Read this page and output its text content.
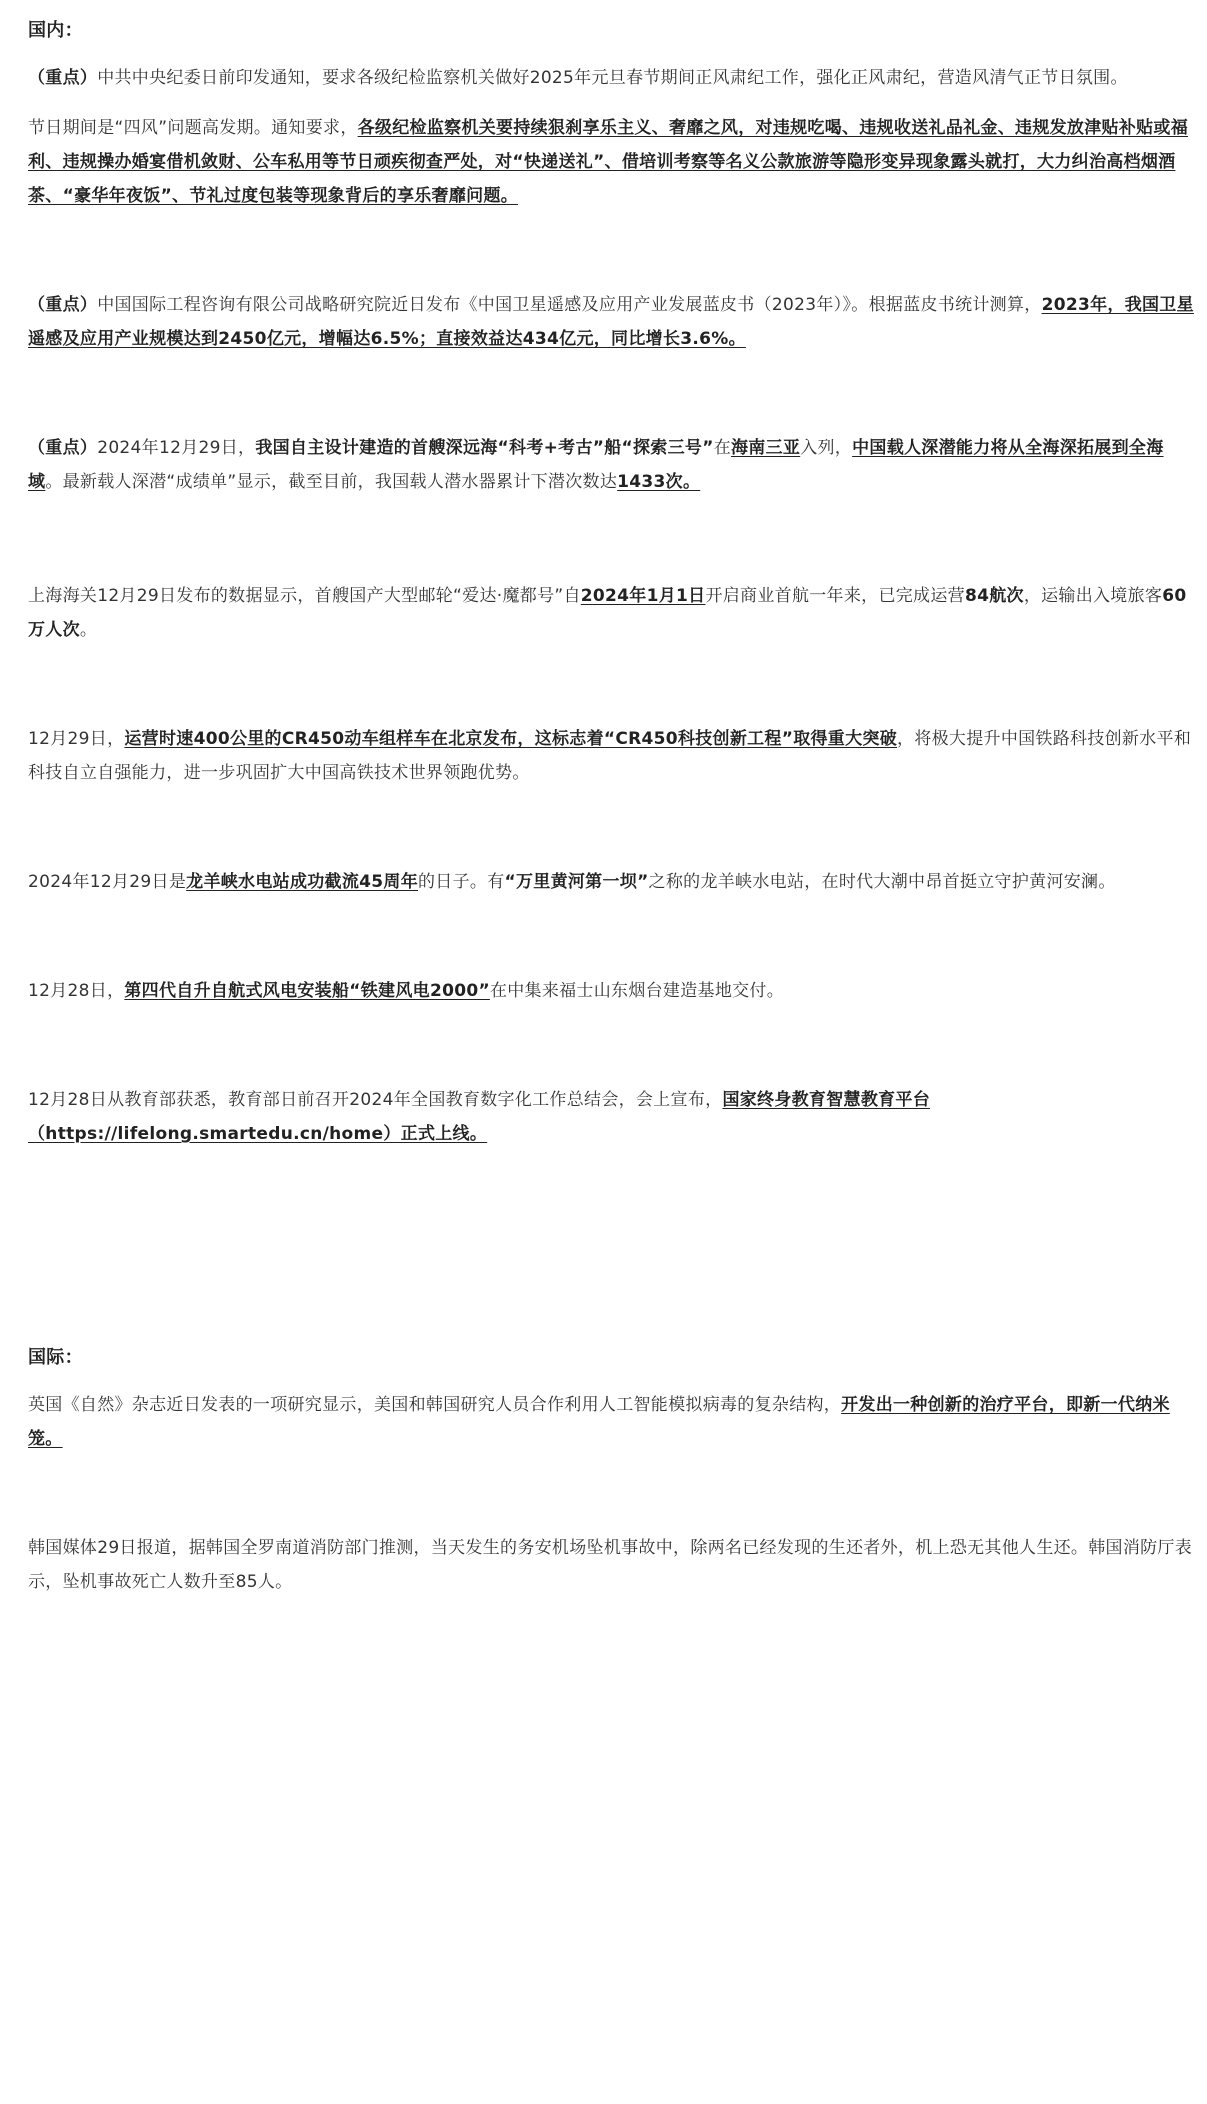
国内：

（重点）中共中央纪委日前印发通知，要求各级纪检监察机关做好2025年元旦春节期间正风肃纪工作，强化正风肃纪，营造风清气正节日氛围。

节日期间是“四风”问题高发期。通知要求，各级纪检监察机关要持续狠刹享乐主义、奢靡之风，对违规吃喝、违规收送礼品礼金、违规发放津贴补贴或福利、违规操办婚宴借机敛财、公车私用等节日顽疾彻查严处，对“快递送礼”、借培训考察等名义公款旅游等隐形变异现象露头就打，大力纠治高档烟酒茶、“豪华年夜饭”、节礼过度包装等现象背后的享乐奢靡问题。

（重点）中国国际工程咨询有限公司战略研究院近日发布《中国卫星遥感及应用产业发展蓝皮书（2023年）》。根据蓝皮书统计测算，2023年，我国卫星遥感及应用产业规模达到2450亿元，增幅达6.5%；直接效益达434亿元，同比增长3.6%。

（重点）2024年12月29日，我国自主设计建造的首艘深远海“科考+考古”船“探索三号”在海南三亚入列，中国载人深潜能力将从全海深拓展到全海域。最新载人深潜“成绩单”显示，截至目前，我国载人潜水器累计下潜次数达1433次。

上海海关12月29日发布的数据显示，首艘国产大型邮轮“爱达·魔都号”自2024年1月1日开启商业首航一年来，已完成运营84航次，运输出入境旅客60万人次。

12月29日，运营时速400公里的CR450动车组样车在北京发布，这标志着“CR450科技创新工程”取得重大突破，将极大提升中国铁路科技创新水平和科技自立自强能力，进一步巩固扩大中国高铁技术世界领跑优势。

2024年12月29日是龙羊峡水电站成功截流45周年的日子。有“万里黄河第一坝”之称的龙羊峡水电站，在时代大潮中昂首挺立守护黄河安澜。

12月28日，第四代自升自航式风电安装船“铁建风电2000”在中集来福士山东烟台建造基地交付。

12月28日从教育部获悉，教育部日前召开2024年全国教育数字化工作总结会，会上宣布，国家终身教育智慧教育平台（https://lifelong.smartedu.cn/home）正式上线。

国际：

英国《自然》杂志近日发表的一项研究显示，美国和韩国研究人员合作利用人工智能模拟病毒的复杂结构，开发出一种创新的治疗平台，即新一代纳米笼。

韩国媒体29日报道，据韩国全罗南道消防部门推测，当天发生的务安机场坠机事故中，除两名已经发现的生还者外，机上恐无其他人生还。韩国消防厅表示，坠机事故死亡人数升至85人。
